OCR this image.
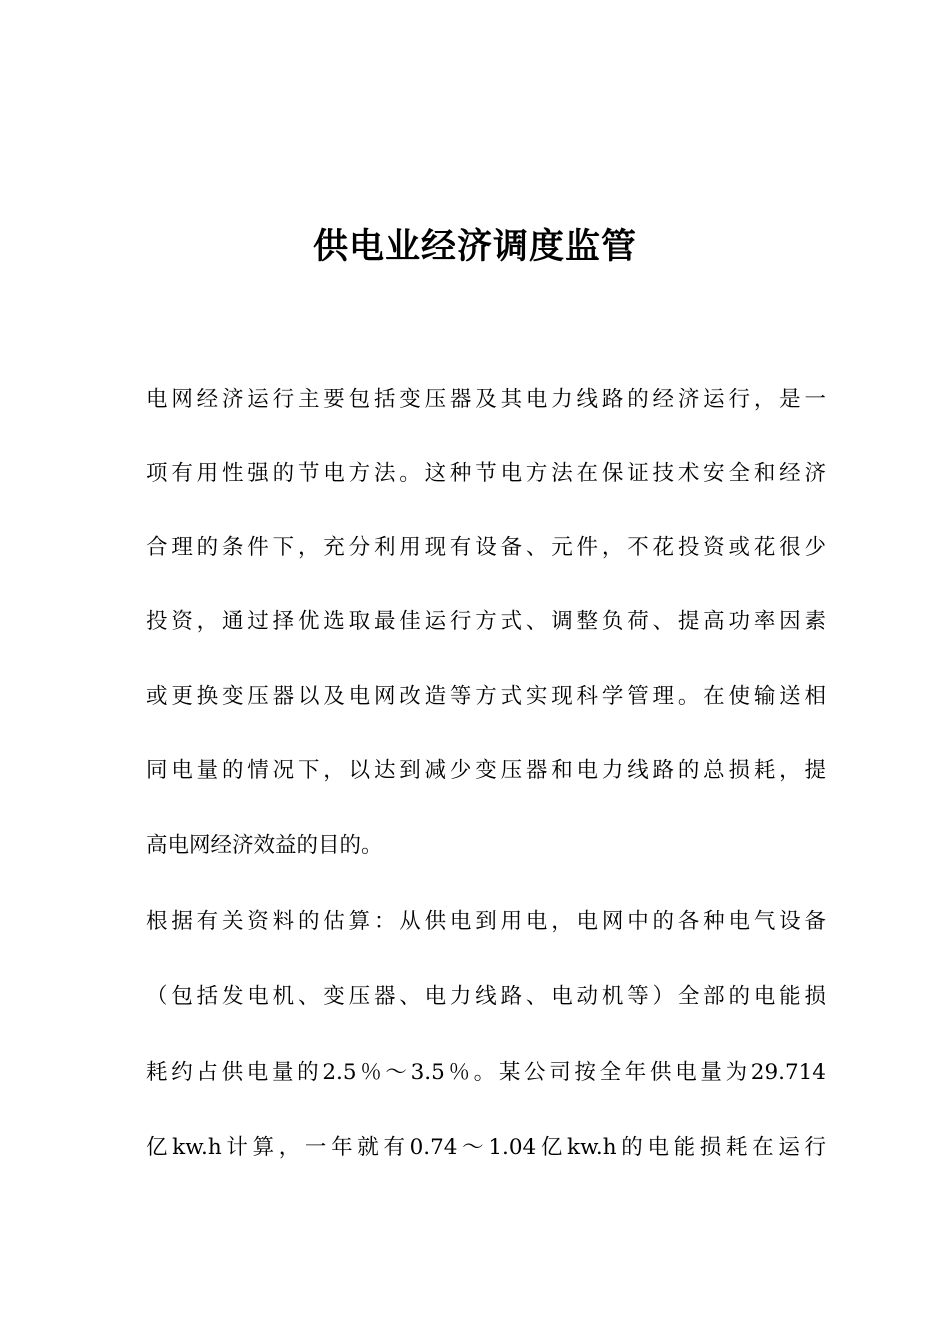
供电业经济调度监管
电网经济运行主要包括变压器及其电力线路的经济运行，是一
项有用性强的节电方法。这种节电方法在保证技术安全和经济
合理的条件下，充分利用现有设备、元件，不花投资或花很少
投资，通过择优选取最佳运行方式、调整负荷、提高功率因素
或更换变压器以及电网改造等方式实现科学管理。在使输送相
同电量的情况下，以达到减少变压器和电力线路的总损耗，提
高电网经济效益的目的。
根据有关资料的估算：从供电到用电，电网中的各种电气设备
（包括发电机、变压器、电力线路、电动机等）全部的电能损
耗约占供电量的2.5％～3.5％。某公司按全年供电量为29.714
亿kw.h计算，一年就有0.74～1.04亿kw.h的电能损耗在运行
